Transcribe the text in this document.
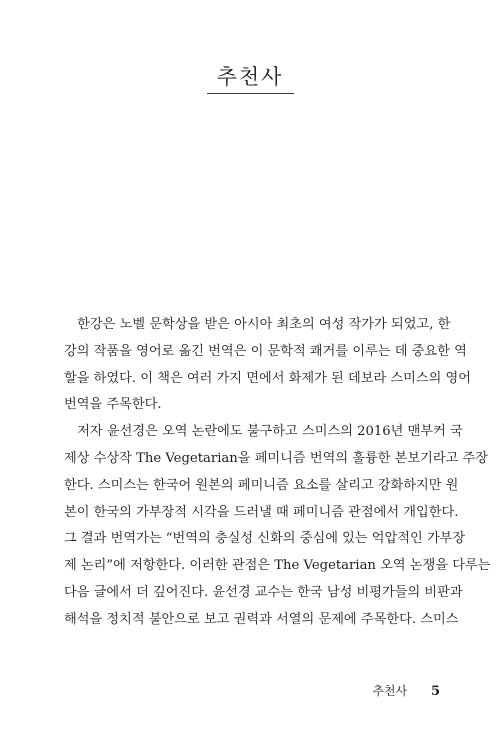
추천사
　한강은 노벨 문학상을 받은 아시아 최초의 여성 작가가 되었고, 한
강의 작품을 영어로 옮긴 번역은 이 문학적 쾌거를 이루는 데 중요한 역
할을 하였다. 이 책은 여러 가지 면에서 화제가 된 데보라 스미스의 영어
번역을 주목한다.
　저자 윤선경은 오역 논란에도 불구하고 스미스의 2016년 맨부커 국
제상 수상작 The Vegetarian을 페미니즘 번역의 훌륭한 본보기라고 주장
한다. 스미스는 한국어 원본의 페미니즘 요소를 살리고 강화하지만 원
본이 한국의 가부장적 시각을 드러낼 때 페미니즘 관점에서 개입한다.
그 결과 번역가는 “번역의 충실성 신화의 중심에 있는 억압적인 가부장
제 논리”에 저항한다. 이러한 관점은 The Vegetarian 오역 논쟁을 다루는
다음 글에서 더 깊어진다. 윤선경 교수는 한국 남성 비평가들의 비판과
해석을 정치적 불안으로 보고 권력과 서열의 문제에 주목한다. 스미스
추천사 5
